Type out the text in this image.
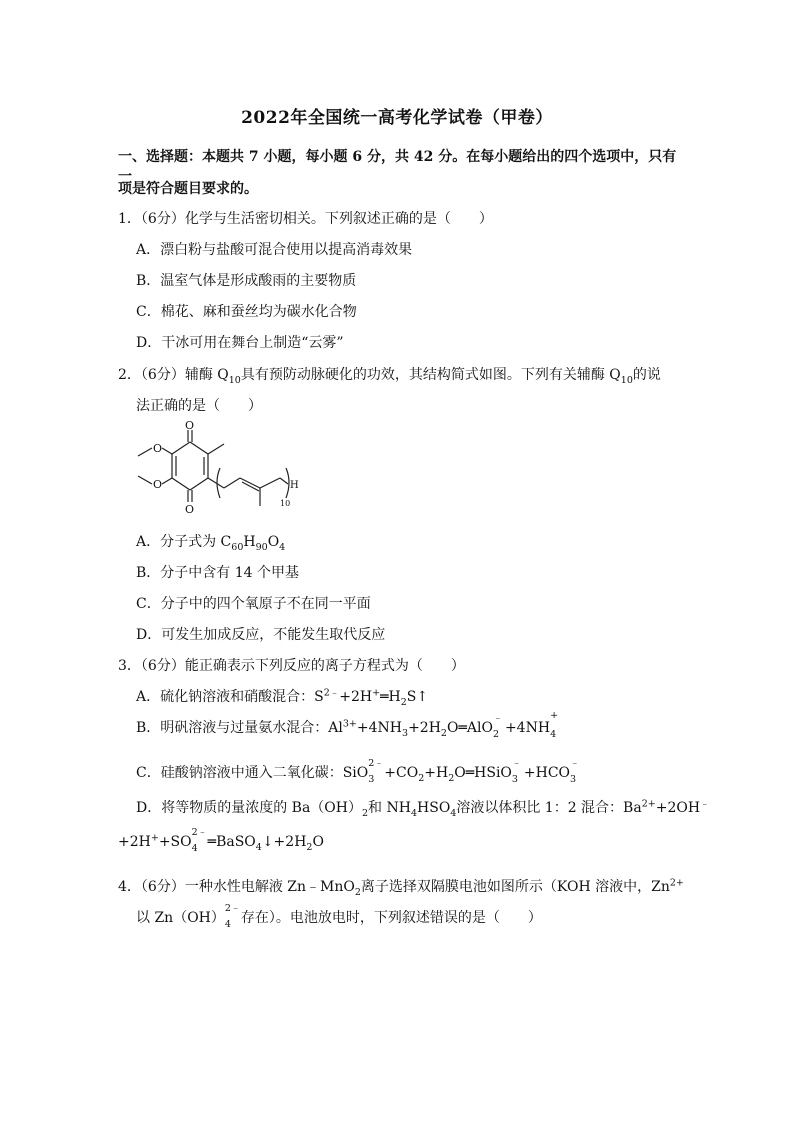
2022年全国统一高考化学试卷（甲卷）
一、选择题：本题共 7 小题，每小题 6 分，共 42 分。在每小题给出的四个选项中，只有一
项是符合题目要求的。
1．（6分）化学与生活密切相关。下列叙述正确的是（　　）
A．漂白粉与盐酸可混合使用以提高消毒效果
B．温室气体是形成酸雨的主要物质
C．棉花、麻和蚕丝均为碳水化合物
D．干冰可用在舞台上制造“云雾”
2．（6分）辅酶 $Q_{10}$具有预防动脉硬化的功效，其结构简式如图。下列有关辅酶 $Q_{10}$的说
法正确的是（　　）
O
O
O
O	H
10
A．分子式为 $C_{60}H_{90}O_4$
B．分子中含有 14 个甲基
C．分子中的四个氧原子不在同一平面
D．可发生加成反应，不能发生取代反应
3．（6分）能正确表示下列反应的离子方程式为（　　）
A．硫化钠溶液和硝酸混合：$S^{2﹣}+2H^+═H_2S↑$
B．明矾溶液与过量氨水混合：$Al^{3+}+4NH_3+2H_2O═AlO$
﹣
2 +4NH
+
4
C．硅酸钠溶液中通入二氧化碳：SiO
2﹣
$3 +CO_2+H_2O═HSiO$
﹣
3 +HCO
﹣
3
D．将等物质的量浓度的 $Ba(OH)_2$和 $NH_4HSO_4$溶液以体积比 1：2 混合：$Ba^{2+}+2OH^﹣$
+2H++SO
2﹣
4 $═BaSO_4↓+2H_2O$
4．（6分）一种水性电解液 Zn﹣MnO$_2$离子选择双隔膜电池如图所示（KOH 溶液中，$Zn^{2+}$
以 Zn（OH）
2﹣
4 存在）。电池放电时，下列叙述错误的是（　　）
